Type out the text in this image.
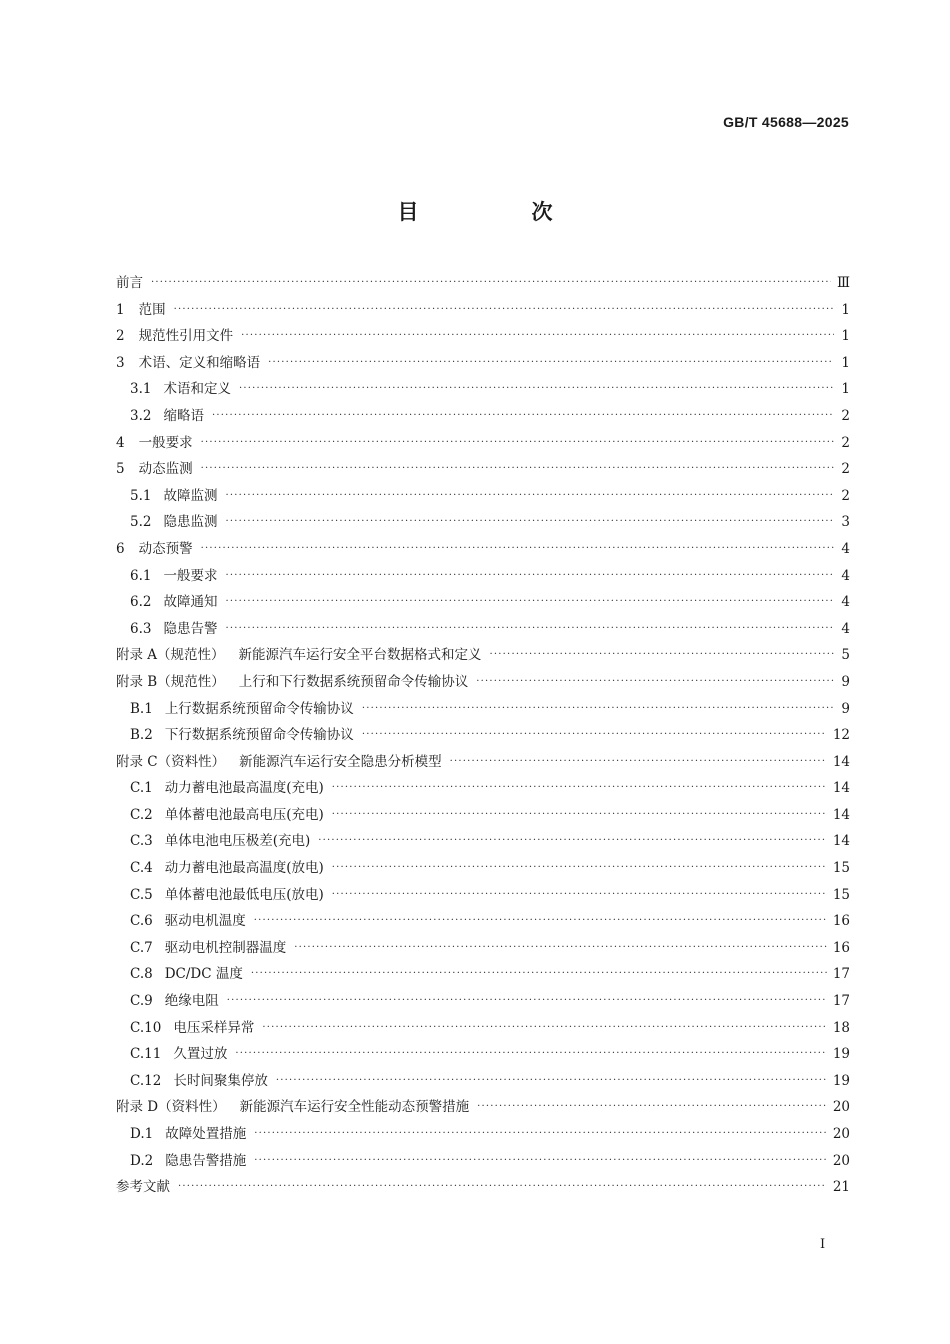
GB/T 45688—2025
目　次
前言 ·····	Ⅲ
1 范围 ·····	1
2 规范性引用文件 ·····	1
3 术语、定义和缩略语 ·····	1
3.1 术语和定义 ·····	1
3.2 缩略语 ·····	2
4 一般要求 ·····	2
5 动态监测 ·····	2
5.1 故障监测 ·····	2
5.2 隐患监测 ·····	3
6 动态预警 ·····	4
6.1 一般要求 ·····	4
6.2 故障通知 ·····	4
6.3 隐患告警 ·····	4
附录 A（规范性） 新能源汽车运行安全平台数据格式和定义 ·····	5
附录 B（规范性） 上行和下行数据系统预留命令传输协议 ·····	9
B.1 上行数据系统预留命令传输协议 ·····	9
B.2 下行数据系统预留命令传输协议 ·····	12
附录 C（资料性） 新能源汽车运行安全隐患分析模型 ·····	14
C.1 动力蓄电池最高温度(充电) ·····	14
C.2 单体蓄电池最高电压(充电) ·····	14
C.3 单体电池电压极差(充电) ·····	14
C.4 动力蓄电池最高温度(放电) ·····	15
C.5 单体蓄电池最低电压(放电) ·····	15
C.6 驱动电机温度 ·····	16
C.7 驱动电机控制器温度 ·····	16
C.8 DC/DC 温度 ·····	17
C.9 绝缘电阻 ·····	17
C.10 电压采样异常 ·····	18
C.11 久置过放 ·····	19
C.12 长时间聚集停放 ·····	19
附录 D（资料性） 新能源汽车运行安全性能动态预警措施 ·····	20
D.1 故障处置措施 ·····	20
D.2 隐患告警措施 ·····	20
参考文献 ·····	21
Ⅰ
